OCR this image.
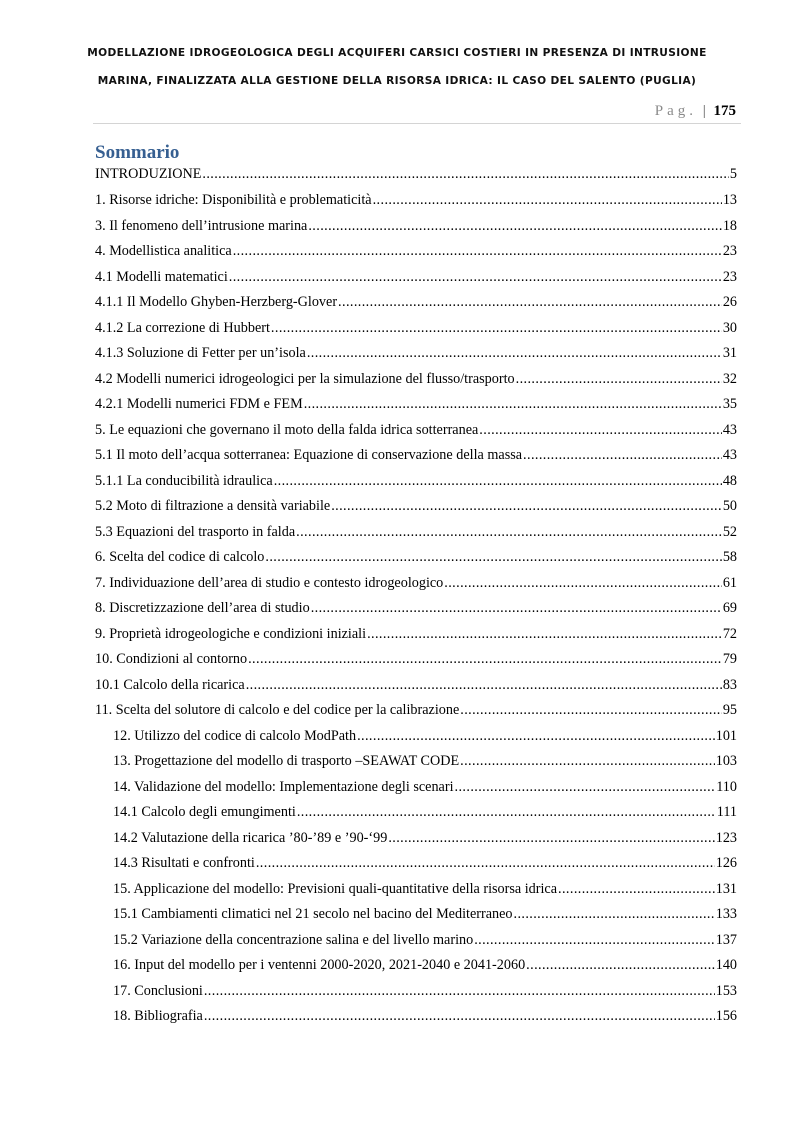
MODELLAZIONE IDROGEOLOGICA DEGLI ACQUIFERI CARSICI COSTIERI IN PRESENZA DI INTRUSIONE
MARINA, FINALIZZATA ALLA GESTIONE DELLA RISORSA IDRICA: IL CASO DEL SALENTO (PUGLIA)
Pag. | 175
Sommario
INTRODUZIONE .....	5
1. Risorse idriche: Disponibilità e problematicità .....	13
3. Il fenomeno dell’intrusione marina .....	18
4. Modellistica analitica .....	23
4.1 Modelli matematici .....	23
4.1.1 Il Modello Ghyben-Herzberg-Glover .....	26
4.1.2 La correzione di Hubbert .....	30
4.1.3 Soluzione di Fetter per un’isola .....	31
4.2 Modelli numerici idrogeologici per la simulazione del flusso/trasporto .....	32
4.2.1 Modelli numerici FDM e FEM .....	35
5. Le equazioni che governano il moto della falda idrica sotterranea .....	43
5.1 Il moto dell’acqua sotterranea: Equazione di conservazione della massa .....	43
5.1.1 La conducibilità idraulica .....	48
5.2 Moto di filtrazione a densità variabile .....	50
5.3 Equazioni del trasporto in falda .....	52
6. Scelta del codice di calcolo .....	58
7. Individuazione dell’area di studio e contesto idrogeologico .....	61
8. Discretizzazione dell’area di studio .....	69
9. Proprietà idrogeologiche e condizioni iniziali .....	72
10. Condizioni al contorno .....	79
10.1 Calcolo della ricarica .....	83
11. Scelta del solutore di calcolo e del codice per la calibrazione .....	95
12. Utilizzo del codice di calcolo ModPath .....	101
13. Progettazione del modello di trasporto –SEAWAT CODE .....	103
14. Validazione del modello: Implementazione degli scenari .....	110
14.1 Calcolo degli emungimenti .....	111
14.2 Valutazione della ricarica ’80-’89 e ’90-‘99 .....	123
14.3 Risultati e confronti .....	126
15. Applicazione del modello: Previsioni quali-quantitative della risorsa idrica .....	131
15.1 Cambiamenti climatici nel 21 secolo nel bacino del Mediterraneo .....	133
15.2 Variazione della concentrazione salina e del livello marino .....	137
16. Input del modello per i ventenni 2000-2020, 2021-2040 e 2041-2060 .....	140
17. Conclusioni .....	153
18. Bibliografia .....	156
